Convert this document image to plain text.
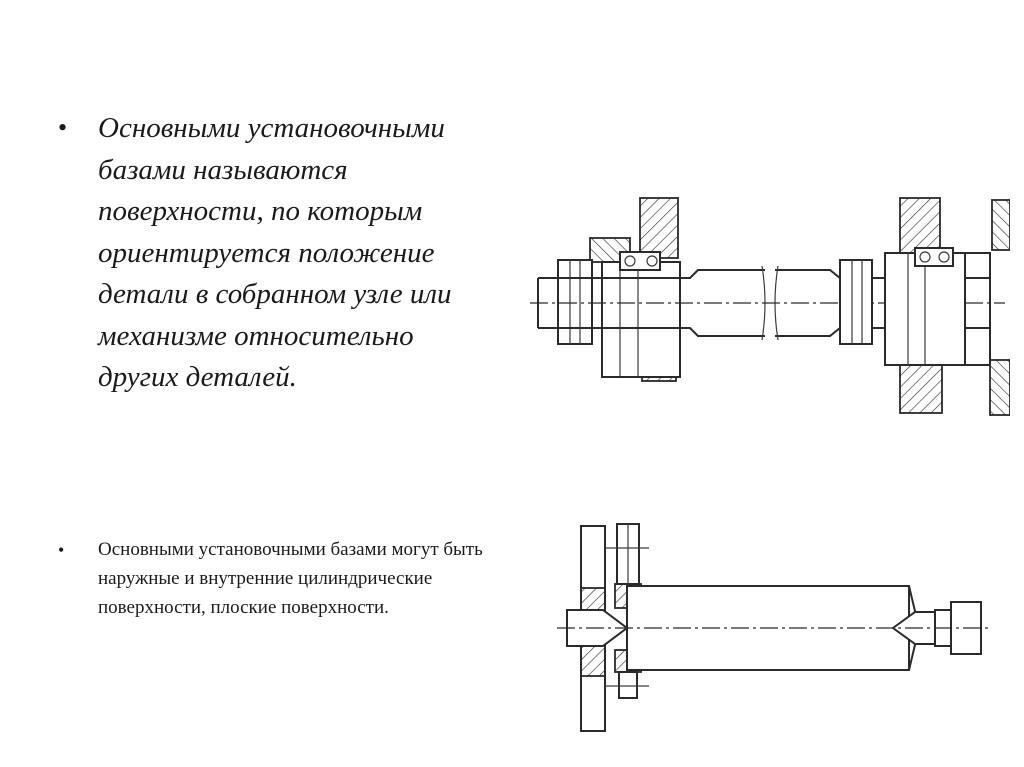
•	Основными установочными базами называются поверхности, по которым ориентируется положение детали в собранном узле или механизме относительно других деталей.
•	Основными установочными базами могут быть наружные и внутренние цилиндрические поверхности, плоские поверхности.
